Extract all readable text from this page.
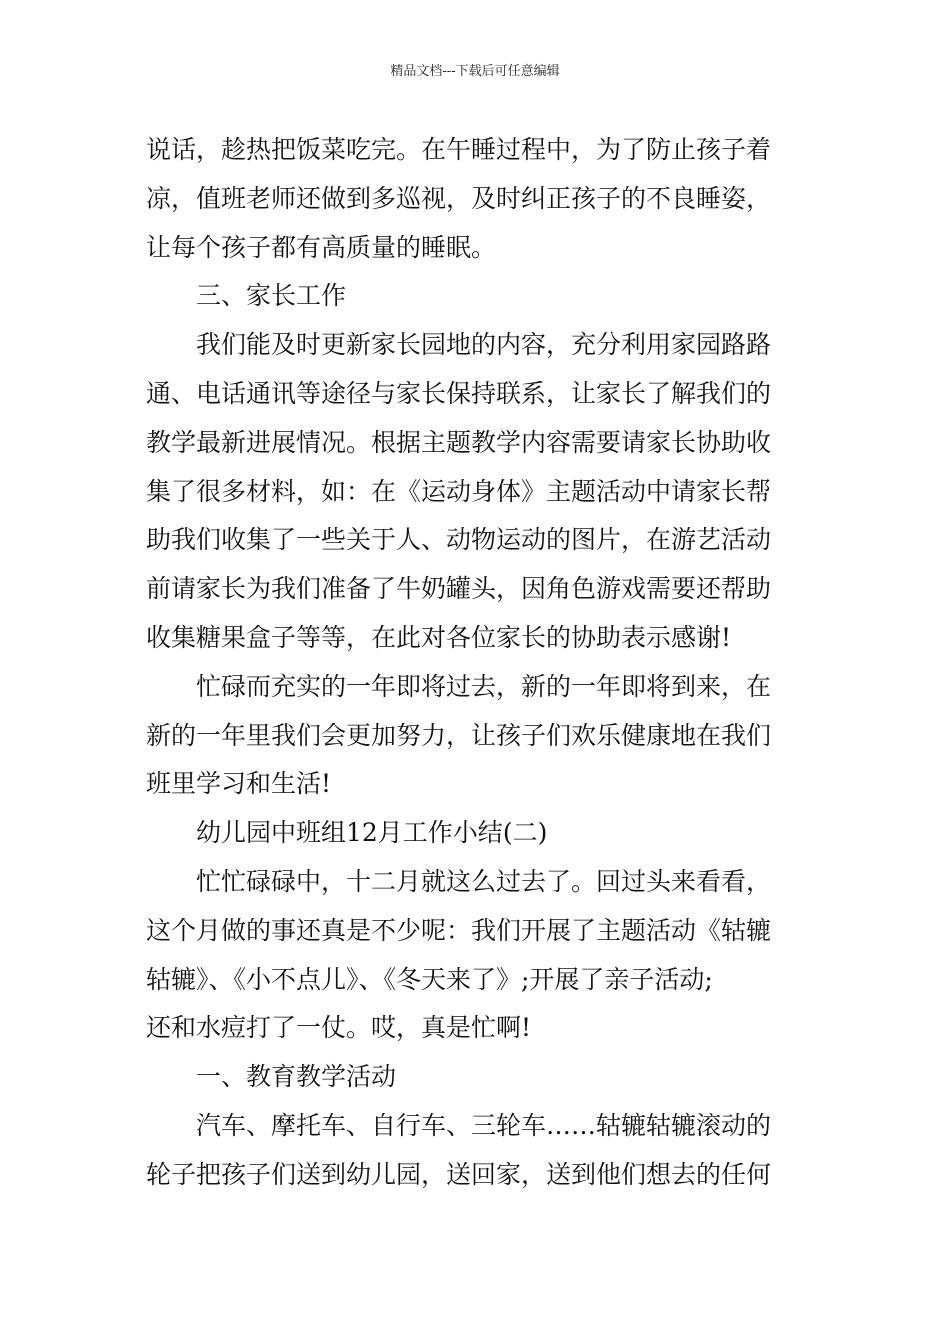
精品文档---下载后可任意编辑

说话，趁热把饭菜吃完。在午睡过程中，为了防止孩子着
凉，值班老师还做到多巡视，及时纠正孩子的不良睡姿，
让每个孩子都有高质量的睡眠。

三、家长工作

我们能及时更新家长园地的内容，充分利用家园路路
通、电话通讯等途径与家长保持联系，让家长了解我们的
教学最新进展情况。根据主题教学内容需要请家长协助收
集了很多材料，如：在《运动身体》主题活动中请家长帮
助我们收集了一些关于人、动物运动的图片，在游艺活动
前请家长为我们准备了牛奶罐头，因角色游戏需要还帮助
收集糖果盒子等等，在此对各位家长的协助表示感谢!

忙碌而充实的一年即将过去，新的一年即将到来，在
新的一年里我们会更加努力，让孩子们欢乐健康地在我们
班里学习和生活!

幼儿园中班组12月工作小结(二)

忙忙碌碌中，十二月就这么过去了。回过头来看看，
这个月做的事还真是不少呢：我们开展了主题活动《轱辘
轱辘》、《小不点儿》、《冬天来了》;开展了亲子活动;
还和水痘打了一仗。哎，真是忙啊!

一、教育教学活动

汽车、摩托车、自行车、三轮车……轱辘轱辘滚动的
轮子把孩子们送到幼儿园，送回家，送到他们想去的任何
